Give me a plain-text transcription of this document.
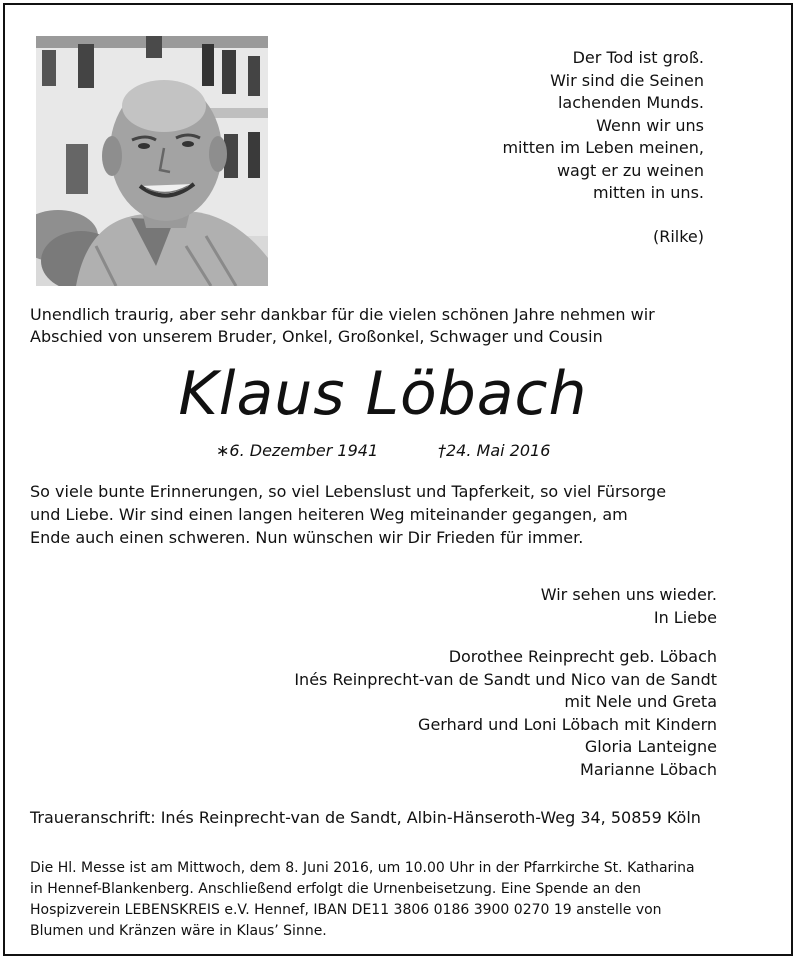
Der Tod ist groß.
Wir sind die Seinen
lachenden Munds.
Wenn wir uns
mitten im Leben meinen,
wagt er zu weinen
mitten in uns.
(Rilke)
Unendlich traurig, aber sehr dankbar für die vielen schönen Jahre nehmen wir
Abschied von unserem Bruder, Onkel, Großonkel, Schwager und Cousin
Klaus Löbach
∗6. Dezember 1941	†24. Mai 2016
So viele bunte Erinnerungen, so viel Lebenslust und Tapferkeit, so viel Fürsorge
und Liebe. Wir sind einen langen heiteren Weg miteinander gegangen, am
Ende auch einen schweren. Nun wünschen wir Dir Frieden für immer.
Wir sehen uns wieder.
In Liebe
Dorothee Reinprecht geb. Löbach
Inés Reinprecht-van de Sandt und Nico van de Sandt
mit Nele und Greta
Gerhard und Loni Löbach mit Kindern
Gloria Lanteigne
Marianne Löbach
Traueranschrift: Inés Reinprecht-van de Sandt, Albin-Hänseroth-Weg 34, 50859 Köln
Die Hl. Messe ist am Mittwoch, dem 8. Juni 2016, um 10.00 Uhr in der Pfarrkirche St. Katharina
in Hennef-Blankenberg. Anschließend erfolgt die Urnenbeisetzung. Eine Spende an den
Hospizverein LEBENSKREIS e.V. Hennef, IBAN DE11 3806 0186 3900 0270 19 anstelle von
Blumen und Kränzen wäre in Klaus’ Sinne.
